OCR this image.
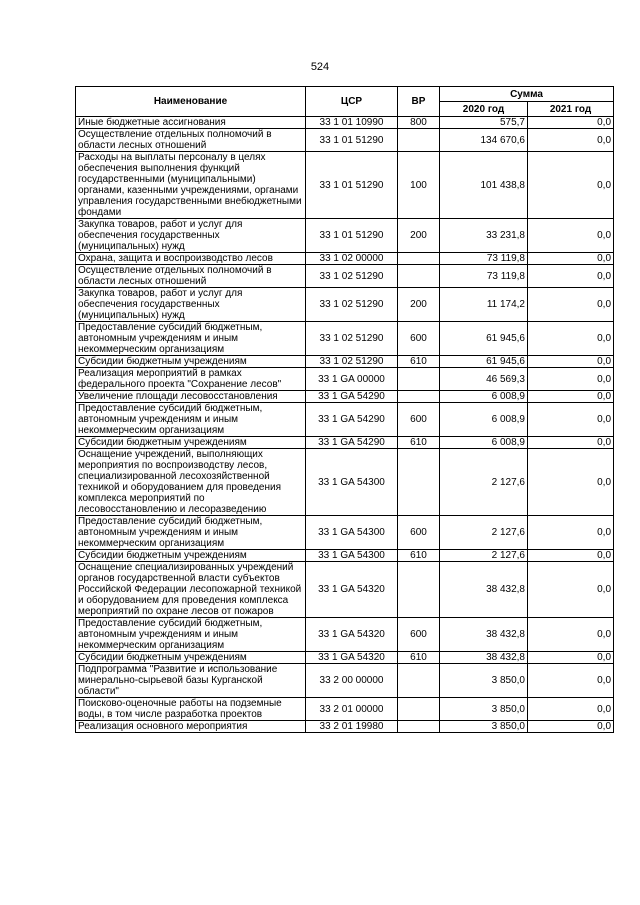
524
Наименование	ЦСР	ВР	Сумма	
			2020 год	2021 год
Иные бюджетные ассигнования	33 1 01 10990	800	575,7	0,0
Осуществление отдельных полномочий в области лесных отношений	33 1 01 51290		134 670,6	0,0
Расходы на выплаты персоналу в целях обеспечения выполнения функций государственными (муниципальными) органами, казенными учреждениями, органами управления государственными внебюджетными фондами	33 1 01 51290	100	101 438,8	0,0
Закупка товаров, работ и услуг для обеспечения государственных (муниципальных) нужд	33 1 01 51290	200	33 231,8	0,0
Охрана, защита и воспроизводство лесов	33 1 02 00000		73 119,8	0,0
Осуществление отдельных полномочий в области лесных отношений	33 1 02 51290		73 119,8	0,0
Закупка товаров, работ и услуг для обеспечения государственных (муниципальных) нужд	33 1 02 51290	200	11 174,2	0,0
Предоставление субсидий бюджетным, автономным учреждениям и иным некоммерческим организациям	33 1 02 51290	600	61 945,6	0,0
Субсидии бюджетным учреждениям	33 1 02 51290	610	61 945,6	0,0
Реализация мероприятий в рамках федерального проекта "Сохранение лесов"	33 1 GA 00000		46 569,3	0,0
Увеличение площади лесовосстановления	33 1 GA 54290		6 008,9	0,0
Предоставление субсидий бюджетным, автономным учреждениям и иным некоммерческим организациям	33 1 GA 54290	600	6 008,9	0,0
Субсидии бюджетным учреждениям	33 1 GA 54290	610	6 008,9	0,0
Оснащение учреждений, выполняющих мероприятия по воспроизводству лесов, специализированной лесохозяйственной техникой и оборудованием для проведения комплекса мероприятий по лесовосстановлению и лесоразведению	33 1 GA 54300		2 127,6	0,0
Предоставление субсидий бюджетным, автономным учреждениям и иным некоммерческим организациям	33 1 GA 54300	600	2 127,6	0,0
Субсидии бюджетным учреждениям	33 1 GA 54300	610	2 127,6	0,0
Оснащение специализированных учреждений органов государственной власти субъектов Российской Федерации лесопожарной техникой и оборудованием для проведения комплекса мероприятий по охране лесов от пожаров	33 1 GA 54320		38 432,8	0,0
Предоставление субсидий бюджетным, автономным учреждениям и иным некоммерческим организациям	33 1 GA 54320	600	38 432,8	0,0
Субсидии бюджетным учреждениям	33 1 GA 54320	610	38 432,8	0,0
Подпрограмма "Развитие и использование минерально-сырьевой базы Курганской области"	33 2 00 00000		3 850,0	0,0
Поисково-оценочные работы на подземные воды, в том числе разработка проектов	33 2 01 00000		3 850,0	0,0
Реализация основного мероприятия	33 2 01 19980		3 850,0	0,0
